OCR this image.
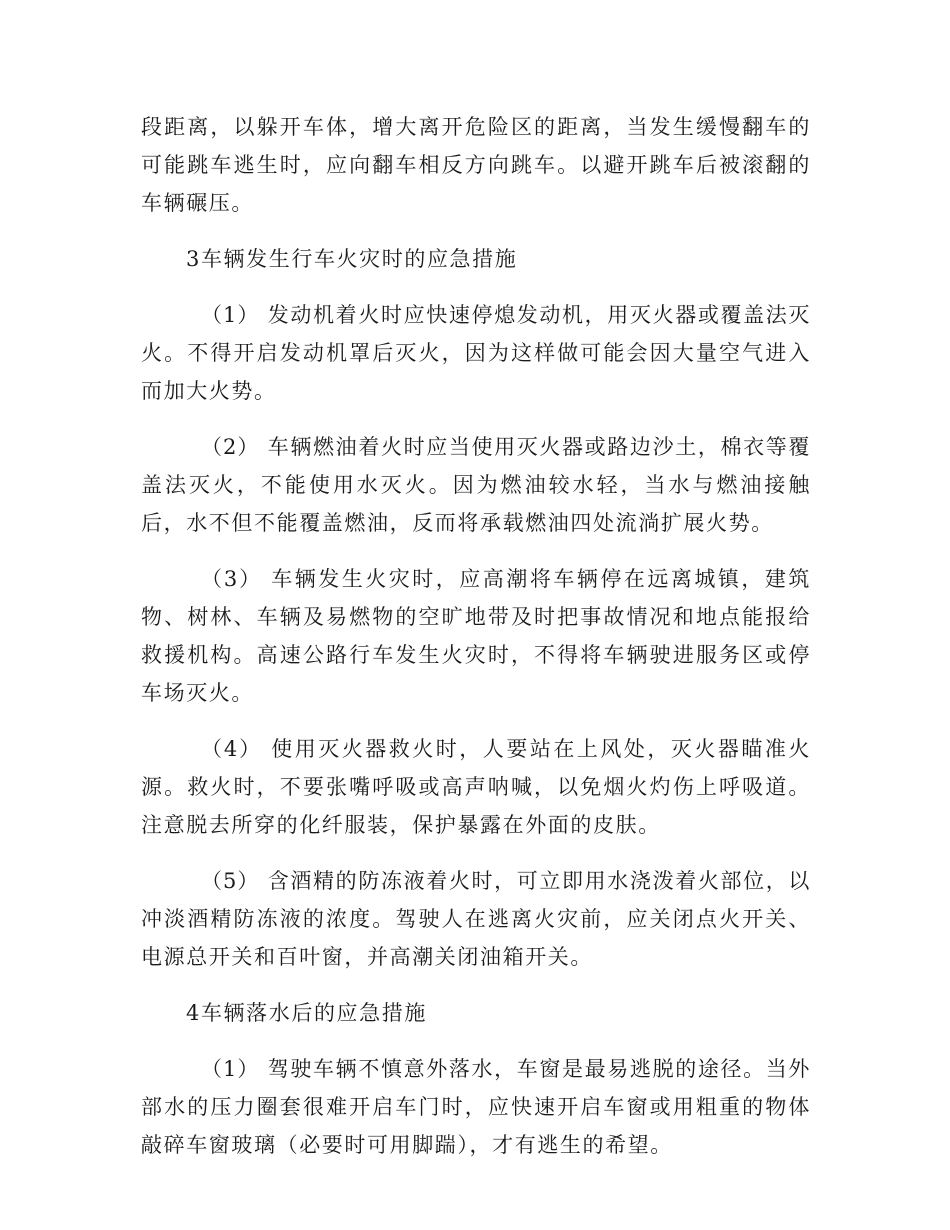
段距离，以躲开车体，增大离开危险区的距离，当发生缓慢翻车的可能跳车逃生时，应向翻车相反方向跳车。以避开跳车后被滚翻的车辆碾压。

3车辆发生行车火灾时的应急措施

（1） 发动机着火时应快速停熄发动机，用灭火器或覆盖法灭火。不得开启发动机罩后灭火，因为这样做可能会因大量空气进入而加大火势。

（2） 车辆燃油着火时应当使用灭火器或路边沙土，棉衣等覆盖法灭火，不能使用水灭火。因为燃油较水轻，当水与燃油接触后，水不但不能覆盖燃油，反而将承载燃油四处流淌扩展火势。

（3） 车辆发生火灾时，应高潮将车辆停在远离城镇，建筑物、树林、车辆及易燃物的空旷地带及时把事故情况和地点能报给救援机构。高速公路行车发生火灾时，不得将车辆驶进服务区或停车场灭火。

（4） 使用灭火器救火时，人要站在上风处，灭火器瞄准火源。救火时，不要张嘴呼吸或高声呐喊，以免烟火灼伤上呼吸道。注意脱去所穿的化纤服装，保护暴露在外面的皮肤。

（5） 含酒精的防冻液着火时，可立即用水浇泼着火部位，以冲淡酒精防冻液的浓度。驾驶人在逃离火灾前，应关闭点火开关、电源总开关和百叶窗，并高潮关闭油箱开关。

4车辆落水后的应急措施

（1） 驾驶车辆不慎意外落水，车窗是最易逃脱的途径。当外部水的压力圈套很难开启车门时，应快速开启车窗或用粗重的物体敲碎车窗玻璃（必要时可用脚踹），才有逃生的希望。
